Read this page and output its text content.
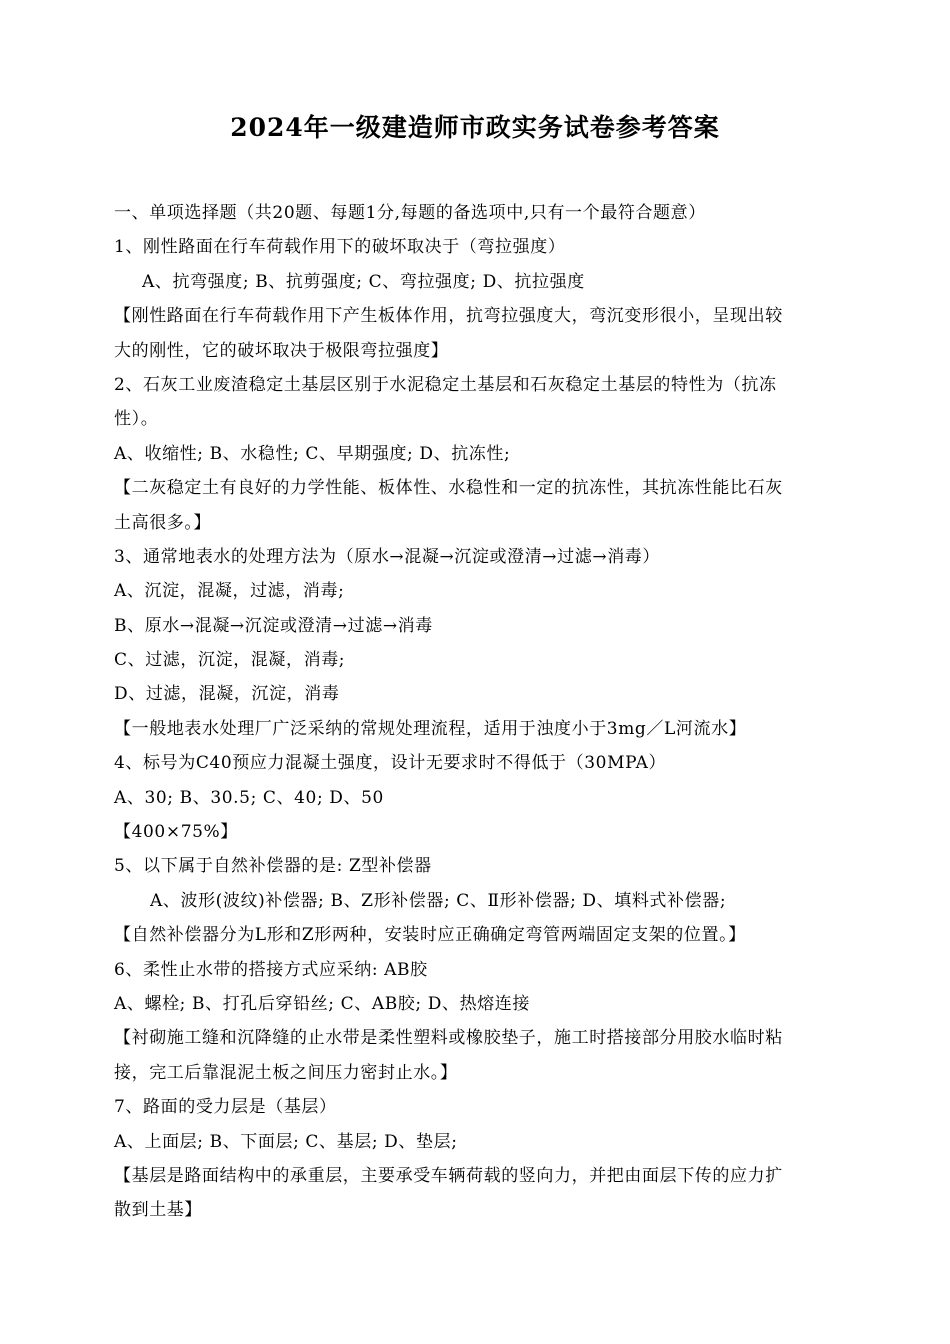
2024年一级建造师市政实务试卷参考答案
一、单项选择题（共20题、每题1分,每题的备选项中,只有一个最符合题意）
1、刚性路面在行车荷载作用下的破坏取决于（弯拉强度）
A、抗弯强度; B、抗剪强度; C、弯拉强度; D、抗拉强度
【刚性路面在行车荷载作用下产生板体作用，抗弯拉强度大，弯沉变形很小，呈现出较
大的刚性，它的破坏取决于极限弯拉强度】
2、石灰工业废渣稳定土基层区别于水泥稳定土基层和石灰稳定土基层的特性为（抗冻
性）。
A、收缩性; B、水稳性; C、早期强度; D、抗冻性;
【二灰稳定土有良好的力学性能、板体性、水稳性和一定的抗冻性，其抗冻性能比石灰
土高很多。】
3、通常地表水的处理方法为（原水→混凝→沉淀或澄清→过滤→消毒）
A、沉淀，混凝，过滤，消毒;
B、原水→混凝→沉淀或澄清→过滤→消毒
C、过滤，沉淀，混凝，消毒;
D、过滤，混凝，沉淀，消毒
【一般地表水处理厂广泛采纳的常规处理流程，适用于浊度小于3mg／L河流水】
4、标号为C40预应力混凝土强度，设计无要求时不得低于（30MPA）
A、30; B、30.5; C、40; D、50
【400×75%】
5、以下属于自然补偿器的是: Z型补偿器
A、波形(波纹)补偿器; B、Z形补偿器; C、Ⅱ形补偿器; D、填料式补偿器;
【自然补偿器分为L形和Z形两种，安装时应正确确定弯管两端固定支架的位置。】
6、柔性止水带的搭接方式应采纳: AB胶
A、螺栓; B、打孔后穿铅丝; C、AB胶; D、热熔连接
【衬砌施工缝和沉降缝的止水带是柔性塑料或橡胶垫子，施工时搭接部分用胶水临时粘
接，完工后靠混泥土板之间压力密封止水。】
7、路面的受力层是（基层）
A、上面层; B、下面层; C、基层; D、垫层;
【基层是路面结构中的承重层，主要承受车辆荷载的竖向力，并把由面层下传的应力扩
散到土基】
